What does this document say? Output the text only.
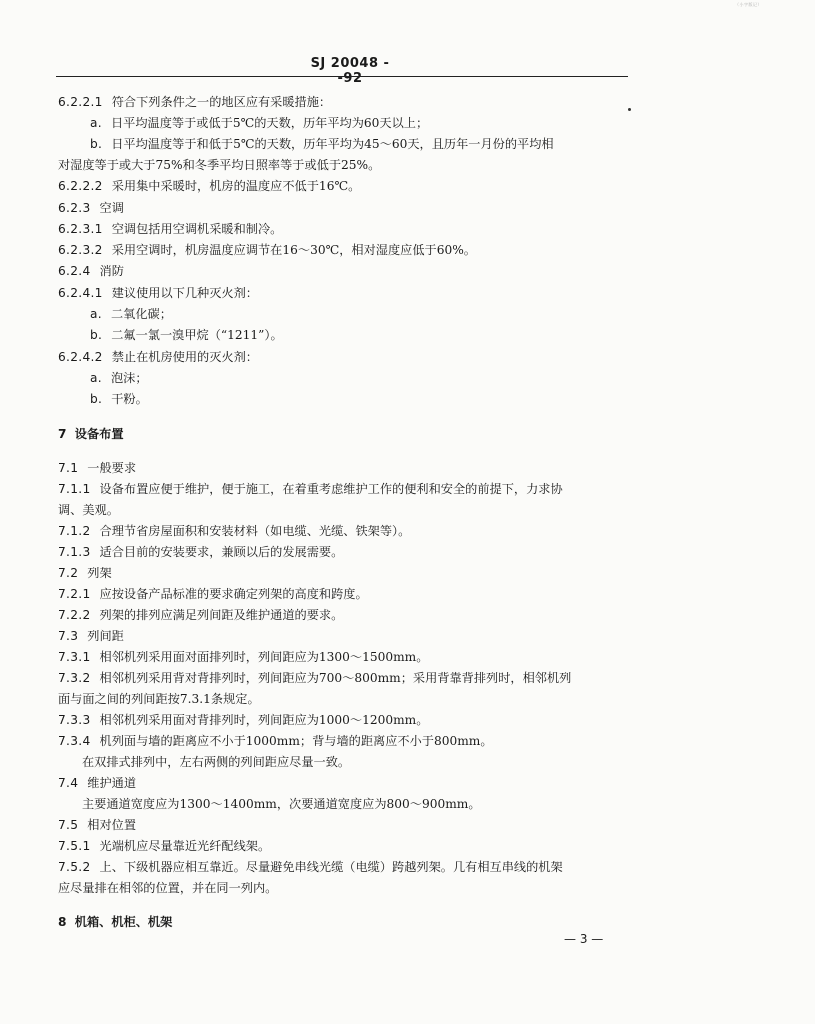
（小字版记）
SJ 20048 --92
6.2.2.1 符合下列条件之一的地区应有采暖措施：
a. 日平均温度等于或低于5℃的天数，历年平均为60天以上；
b. 日平均温度等于和低于5℃的天数，历年平均为45～60天，且历年一月份的平均相
对湿度等于或大于75%和冬季平均日照率等于或低于25%。
6.2.2.2 采用集中采暖时，机房的温度应不低于16℃。
6.2.3 空调
6.2.3.1 空调包括用空调机采暖和制冷。
6.2.3.2 采用空调时，机房温度应调节在16～30℃，相对湿度应低于60%。
6.2.4 消防
6.2.4.1 建议使用以下几种灭火剂：
a. 二氧化碳；
b. 二氟一氯一溴甲烷（“1211”）。
6.2.4.2 禁止在机房使用的灭火剂：
a. 泡沫；
b. 干粉。
7 设备布置
7.1 一般要求
7.1.1 设备布置应便于维护，便于施工，在着重考虑维护工作的便利和安全的前提下，力求协
调、美观。
7.1.2 合理节省房屋面积和安装材料（如电缆、光缆、铁架等）。
7.1.3 适合目前的安装要求，兼顾以后的发展需要。
7.2 列架
7.2.1 应按设备产品标准的要求确定列架的高度和跨度。
7.2.2 列架的排列应满足列间距及维护通道的要求。
7.3 列间距
7.3.1 相邻机列采用面对面排列时，列间距应为1300～1500mm。
7.3.2 相邻机列采用背对背排列时，列间距应为700～800mm；采用背靠背排列时，相邻机列
面与面之间的列间距按7.3.1条规定。
7.3.3 相邻机列采用面对背排列时，列间距应为1000～1200mm。
7.3.4 机列面与墙的距离应不小于1000mm；背与墙的距离应不小于800mm。
在双排式排列中，左右两侧的列间距应尽量一致。
7.4 维护通道
主要通道宽度应为1300～1400mm，次要通道宽度应为800～900mm。
7.5 相对位置
7.5.1 光端机应尽量靠近光纤配线架。
7.5.2 上、下级机器应相互靠近。尽量避免串线光缆（电缆）跨越列架。几有相互串线的机架
应尽量排在相邻的位置，并在同一列内。
8 机箱、机柜、机架
— 3 —
